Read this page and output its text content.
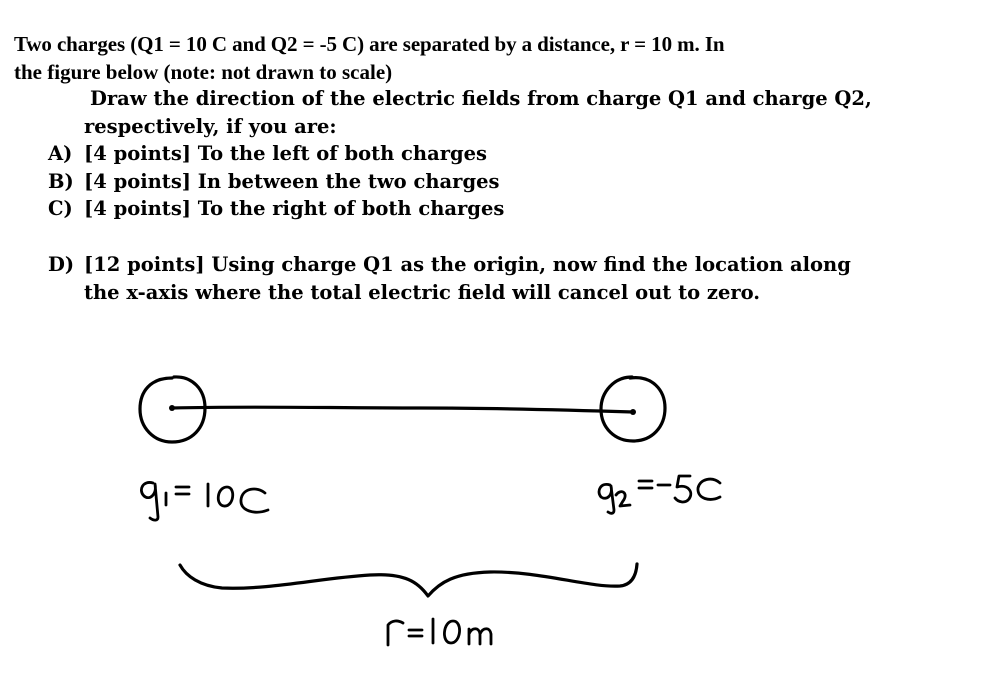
Two charges (Q1 = 10 C and Q2 = -5 C) are separated by a distance, r = 10 m. In
the figure below (note: not drawn to scale)
Draw the direction of the electric fields from charge Q1 and charge Q2,
respectively, if you are:
A) [4 points] To the left of both charges
B) [4 points] In between the two charges
C) [4 points] To the right of both charges
D) [12 points] Using charge Q1 as the origin, now find the location along
the x-axis where the total electric field will cancel out to zero.
